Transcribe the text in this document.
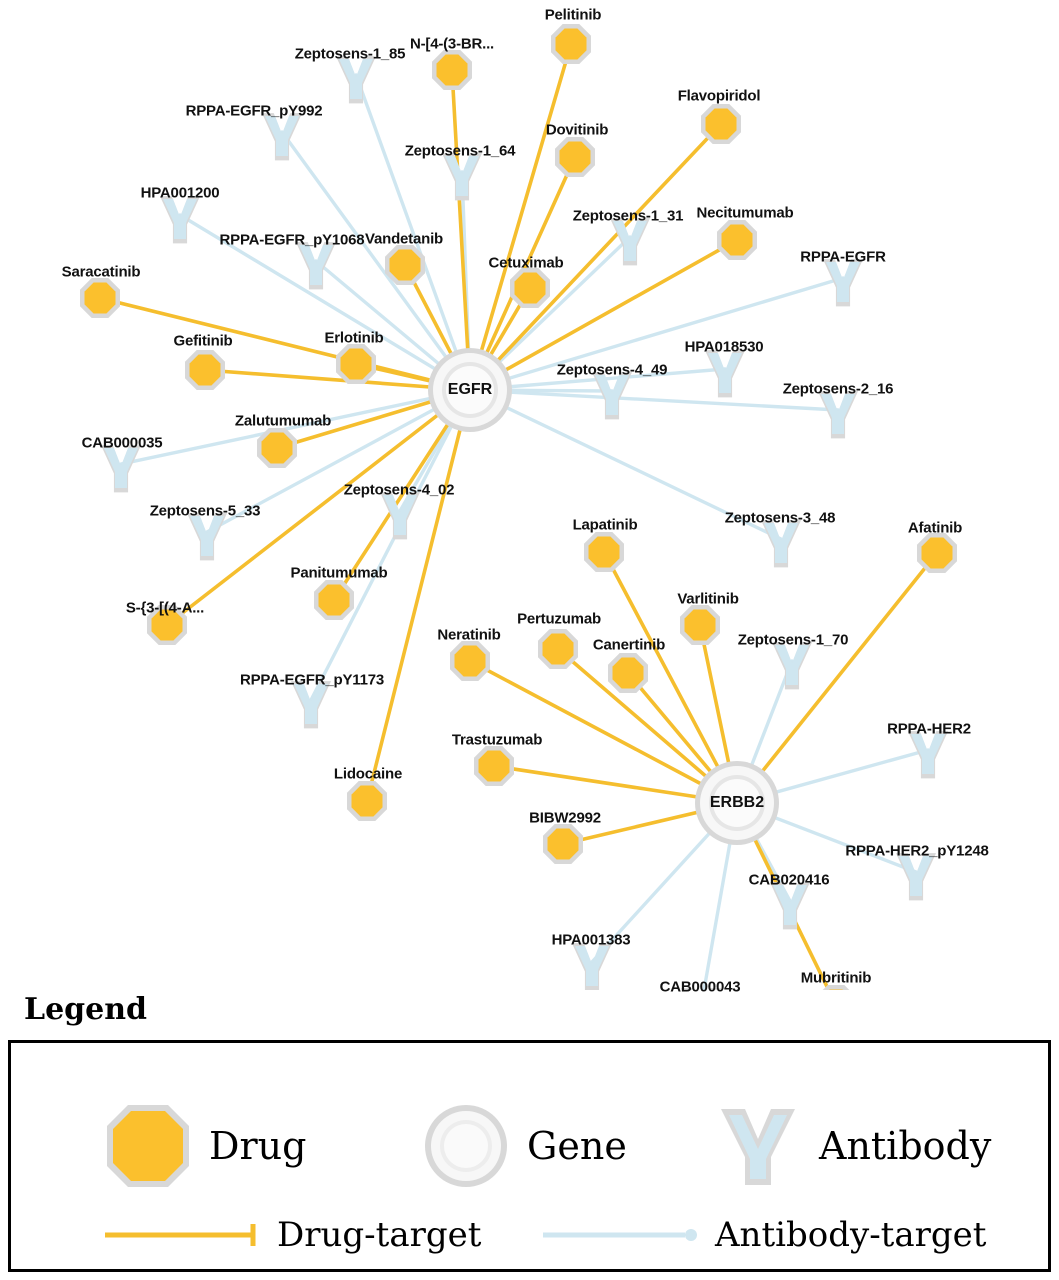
Zeptosens-1_85
RPPA-EGFR_pY992
Zeptosens-1_64
HPA001200
Zeptosens-1_31
RPPA-EGFR_pY1068
RPPA-EGFR
HPA018530
Zeptosens-4_49
Zeptosens-2_16
CAB000035
Zeptosens-4_02
Zeptosens-5_33	Zeptosens-3_48
Zeptosens-1_70
RPPA-EGFR_pY1173
RPPA-HER2
RPPA-HER2_pY1248
CAB020416
HPA001383
CAB000043
Pelitinib
N-[4-(3-BR...
Flavopiridol
Dovitinib
Necitumumab
Vandetanib
Cetuximab
Saracatinib
Erlotinib
Gefitinib
Zalutumumab
Lapatinib	Afatinib
Panitumumab
Varlitinib
S-{3-[(4-A...
Pertuzumab
Neratinib
Canertinib
Trastuzumab
Lidocaine
BIBW2992
Mubritinib
EGFR
ERBB2
Legend
Drug	Gene	Antibody
Drug-target	Antibody-target
